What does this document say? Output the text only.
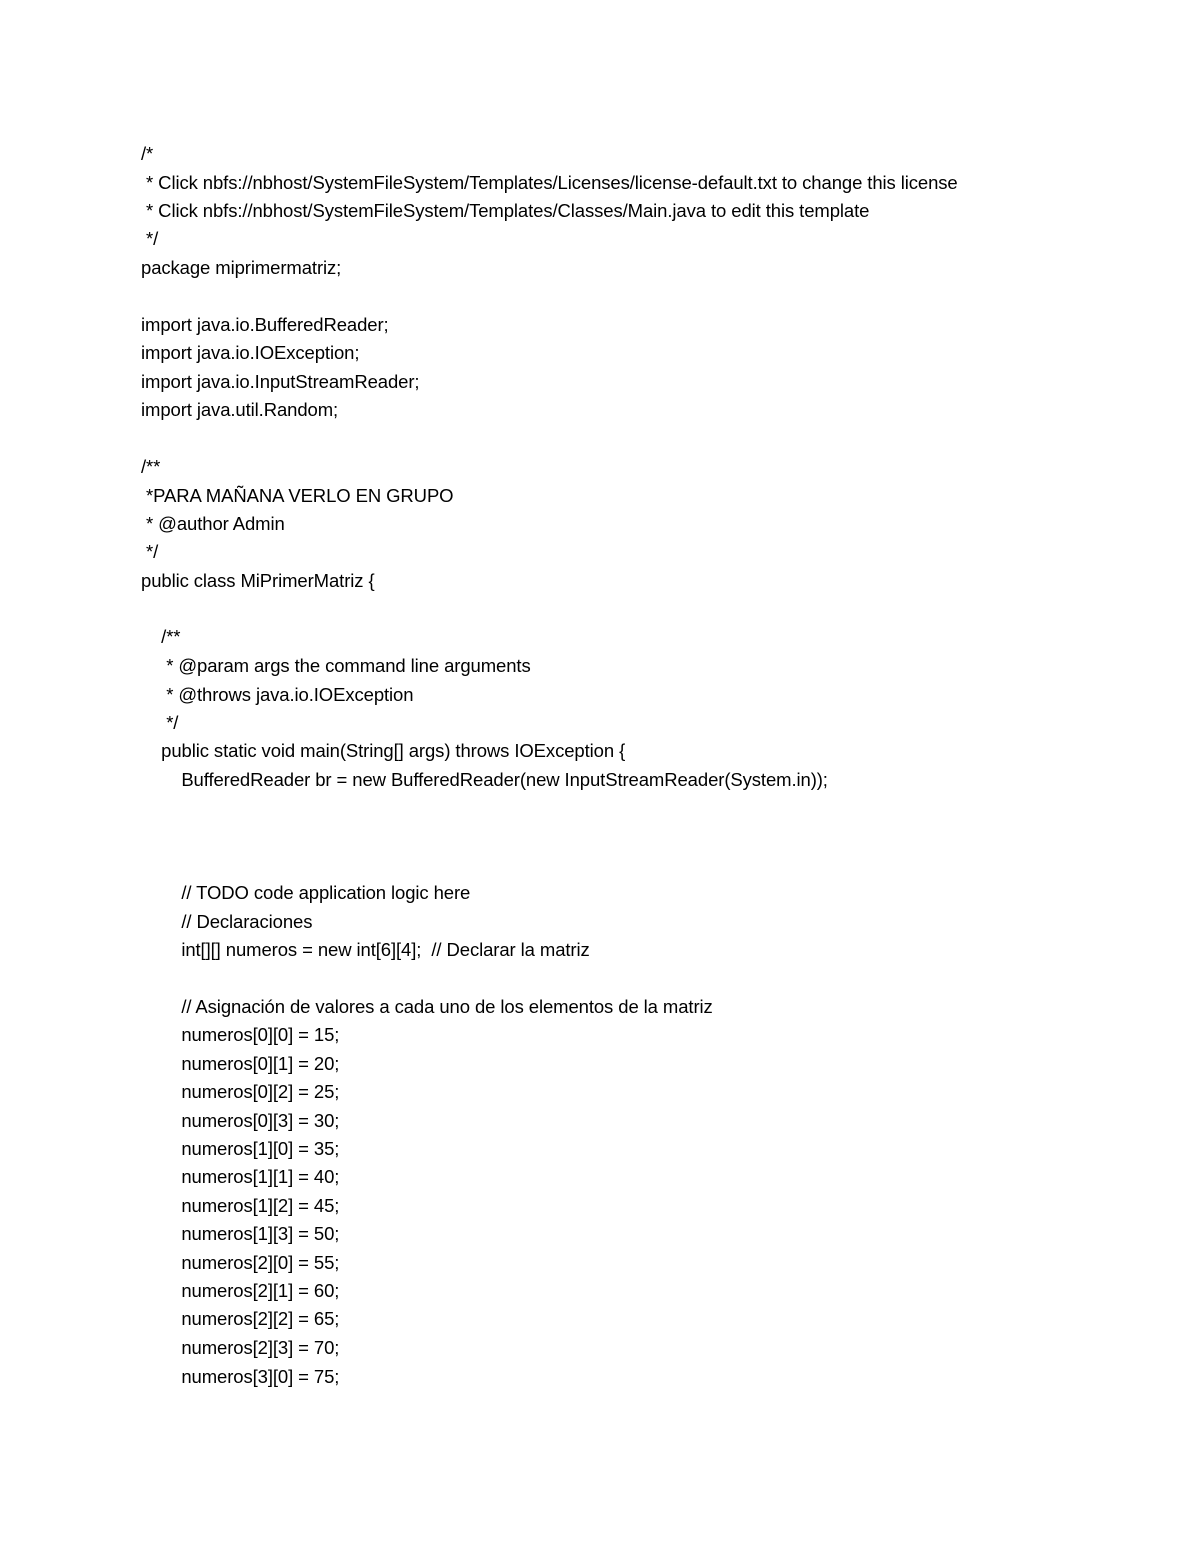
/*

* Click nbfs://nbhost/SystemFileSystem/Templates/Licenses/license-default.txt to change this license

* Click nbfs://nbhost/SystemFileSystem/Templates/Classes/Main.java to edit this template

*/

package miprimermatriz;

import java.io.BufferedReader;

import java.io.IOException;

import java.io.InputStreamReader;

import java.util.Random;

/**

*PARA MAÑANA VERLO EN GRUPO

* @author Admin

*/

public class MiPrimerMatriz {

/**

* @param args the command line arguments

* @throws java.io.IOException

*/

public static void main(String[] args) throws IOException {

BufferedReader br = new BufferedReader(new InputStreamReader(System.in));

// TODO code application logic here

// Declaraciones

int[][] numeros = new int[6][4];  // Declarar la matriz

// Asignación de valores a cada uno de los elementos de la matriz

numeros[0][0] = 15;

numeros[0][1] = 20;

numeros[0][2] = 25;

numeros[0][3] = 30;

numeros[1][0] = 35;

numeros[1][1] = 40;

numeros[1][2] = 45;

numeros[1][3] = 50;

numeros[2][0] = 55;

numeros[2][1] = 60;

numeros[2][2] = 65;

numeros[2][3] = 70;

numeros[3][0] = 75;
